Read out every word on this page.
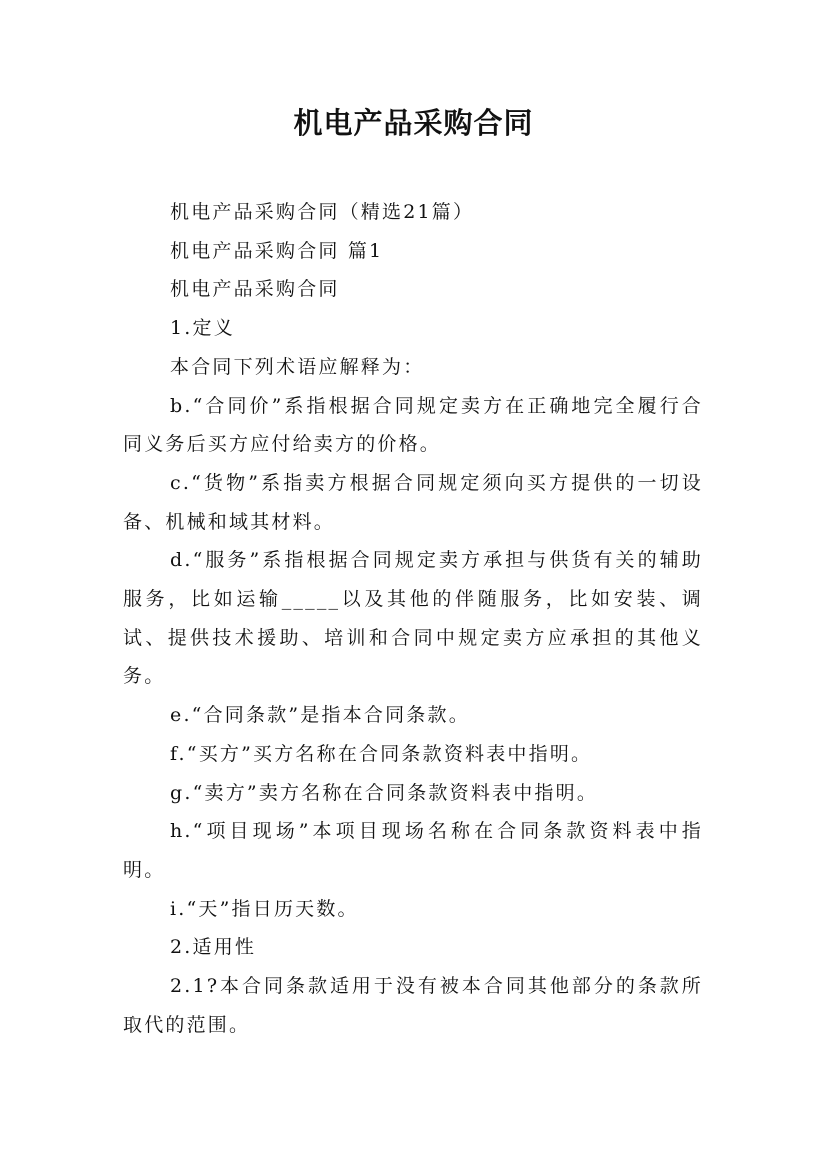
机电产品采购合同

机电产品采购合同（精选21篇）

机电产品采购合同 篇1

机电产品采购合同

1.定义

本合同下列术语应解释为：

b.“合同价”系指根据合同规定卖方在正确地完全履行合同义务后买方应付给卖方的价格。

c.“货物”系指卖方根据合同规定须向买方提供的一切设备、机械和域其材料。

d.“服务”系指根据合同规定卖方承担与供货有关的辅助服务，比如运输_____以及其他的伴随服务，比如安装、调试、提供技术援助、培训和合同中规定卖方应承担的其他义务。

e.“合同条款”是指本合同条款。

f.“买方”买方名称在合同条款资料表中指明。

g.“卖方”卖方名称在合同条款资料表中指明。

h.“项目现场”本项目现场名称在合同条款资料表中指明。

i.“天”指日历天数。

2.适用性

2.1?本合同条款适用于没有被本合同其他部分的条款所取代的范围。
